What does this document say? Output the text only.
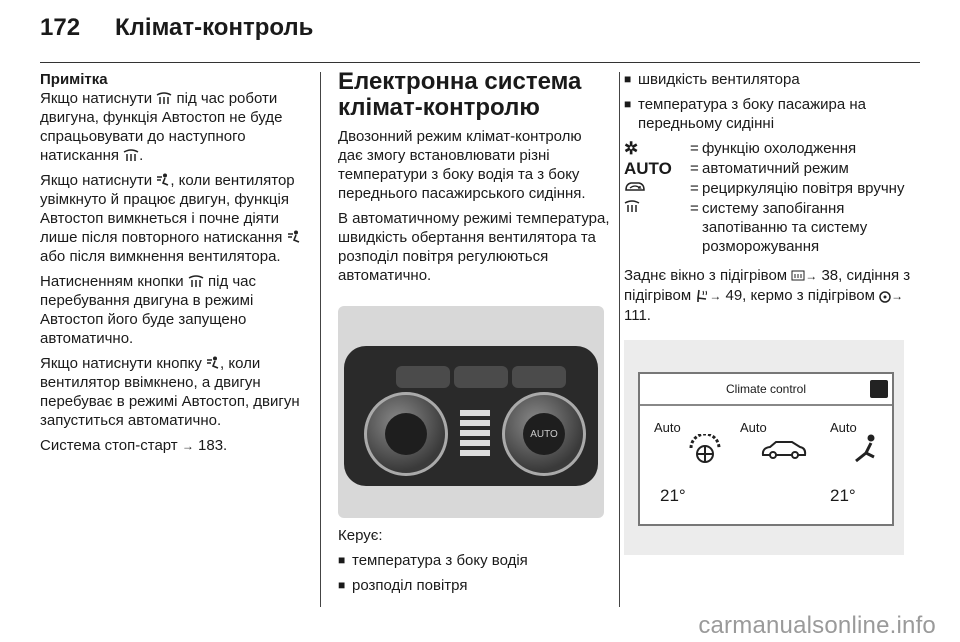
172	Клімат-контроль

Примітка
Якщо натиснути  під час роботи двигуна, функція Автостоп не буде спрацьовувати до наступного натискання .

Якщо натиснути , коли вентилятор увімкнуто й працює двигун, функція Автостоп вимкнеться і почне діяти лише після повторного натискання  або після вимкнення вентилятора.

Натисненням кнопки  під час перебування двигуна в режимі Автостоп його буде запущено автоматично.

Якщо натиснути кнопку , коли вентилятор ввімкнено, а двигун перебуває в режимі Автостоп, двигун запуститься автоматично.

Система стоп-старт → 183.

Електронна система клімат-контролю

Двозонний режим клімат-контролю дає змогу встановлювати різні температури з боку водія та з боку переднього пасажирського сидіння.

В автоматичному режимі температура, швидкість обертання вентилятора та розподіл повітря регулюються автоматично.

AUTO

Керує:

■ температура з боку водія
■ розподіл повітря
■ швидкість вентилятора
■ температура з боку пасажира на передньому сидінні
✲	= функцію охолодження
AUTO	= автоматичний режим
= рециркуляцію повітря вручну
= систему запобігання запотіванню та систему розморожування

Заднє вікно з підігрівом → 38, сидіння з підігрівом → 49, кермо з підігрівом → 111.

Climate control
Auto	Auto	Auto
21°	21°
carmanualsonline.info
